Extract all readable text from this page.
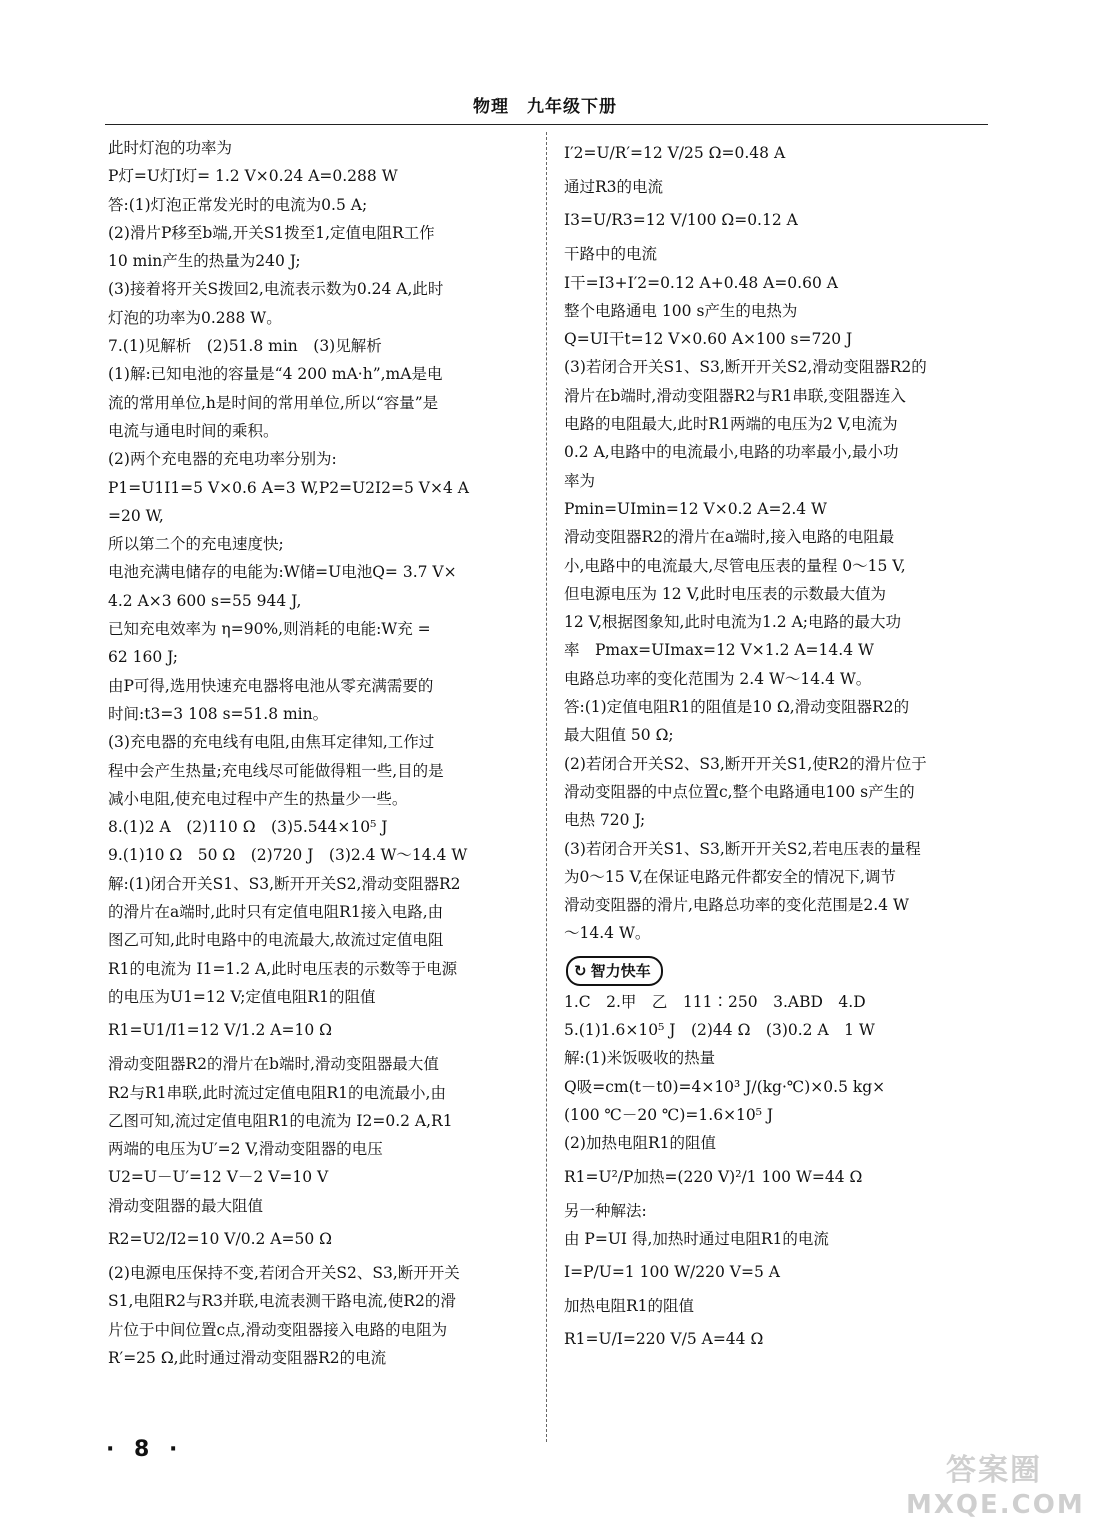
物理　九年级下册

此时灯泡的功率为

P灯=U灯I灯= 1.2 V×0.24 A=0.288 W

答:(1)灯泡正常发光时的电流为0.5 A;

(2)滑片P移至b端,开关S1拨至1,定值电阻R工作

10 min产生的热量为240 J;

(3)接着将开关S拨回2,电流表示数为0.24 A,此时

灯泡的功率为0.288 W。

7.(1)见解析　(2)51.8 min　(3)见解析

(1)解:已知电池的容量是“4 200 mA·h”,mA是电

流的常用单位,h是时间的常用单位,所以“容量”是

电流与通电时间的乘积。

(2)两个充电器的充电功率分别为:

P1=U1I1=5 V×0.6 A=3 W,P2=U2I2=5 V×4 A

=20 W,

所以第二个的充电速度快;

电池充满电储存的电能为:W储=U电池Q= 3.7 V×

4.2 A×3 600 s=55 944 J,

已知充电效率为 η=90%,则消耗的电能:W充 =

62 160 J;

由P可得,选用快速充电器将电池从零充满需要的

时间:t3=3 108 s=51.8 min。

(3)充电器的充电线有电阻,由焦耳定律知,工作过

程中会产生热量;充电线尽可能做得粗一些,目的是

减小电阻,使充电过程中产生的热量少一些。

8.(1)2 A　(2)110 Ω　(3)5.544×10⁵ J

9.(1)10 Ω　50 Ω　(2)720 J　(3)2.4 W～14.4 W

解:(1)闭合开关S1、S3,断开开关S2,滑动变阻器R2

的滑片在a端时,此时只有定值电阻R1接入电路,由

图乙可知,此时电路中的电流最大,故流过定值电阻

R1的电流为 I1=1.2 A,此时电压表的示数等于电源

的电压为U1=12 V;定值电阻R1的阻值

R1=U1/I1=12 V/1.2 A=10 Ω

滑动变阻器R2的滑片在b端时,滑动变阻器最大值

R2与R1串联,此时流过定值电阻R1的电流最小,由

乙图可知,流过定值电阻R1的电流为 I2=0.2 A,R1

两端的电压为U′=2 V,滑动变阻器的电压

U2=U－U′=12 V－2 V=10 V

滑动变阻器的最大阻值

R2=U2/I2=10 V/0.2 A=50 Ω

(2)电源电压保持不变,若闭合开关S2、S3,断开开关

S1,电阻R2与R3并联,电流表测干路电流,使R2的滑

片位于中间位置c点,滑动变阻器接入电路的电阻为

R′=25 Ω,此时通过滑动变阻器R2的电流

I′2=U/R′=12 V/25 Ω=0.48 A

通过R3的电流

I3=U/R3=12 V/100 Ω=0.12 A

干路中的电流

I干=I3+I′2=0.12 A+0.48 A=0.60 A

整个电路通电 100 s产生的电热为

Q=UI干t=12 V×0.60 A×100 s=720 J

(3)若闭合开关S1、S3,断开开关S2,滑动变阻器R2的

滑片在b端时,滑动变阻器R2与R1串联,变阻器连入

电路的电阻最大,此时R1两端的电压为2 V,电流为

0.2 A,电路中的电流最小,电路的功率最小,最小功

率为

Pmin=UImin=12 V×0.2 A=2.4 W

滑动变阻器R2的滑片在a端时,接入电路的电阻最

小,电路中的电流最大,尽管电压表的量程 0～15 V,

但电源电压为 12 V,此时电压表的示数最大值为

12 V,根据图象知,此时电流为1.2 A;电路的最大功

率　Pmax=UImax=12 V×1.2 A=14.4 W

电路总功率的变化范围为 2.4 W～14.4 W。

答:(1)定值电阻R1的阻值是10 Ω,滑动变阻器R2的

最大阻值 50 Ω;

(2)若闭合开关S2、S3,断开开关S1,使R2的滑片位于

滑动变阻器的中点位置c,整个电路通电100 s产生的

电热 720 J;

(3)若闭合开关S1、S3,断开开关S2,若电压表的量程

为0～15 V,在保证电路元件都安全的情况下,调节

滑动变阻器的滑片,电路总功率的变化范围是2.4 W

～14.4 W。

↻ 智力快车

1.C　2.甲　乙　111∶250　3.ABD　4.D

5.(1)1.6×10⁵ J　(2)44 Ω　(3)0.2 A　1 W

解:(1)米饭吸收的热量

Q吸=cm(t－t0)=4×10³ J/(kg·℃)×0.5 kg×

(100 ℃－20 ℃)=1.6×10⁵ J

(2)加热电阻R1的阻值

R1=U²/P加热=(220 V)²/1 100 W=44 Ω

另一种解法:

由 P=UI 得,加热时通过电阻R1的电流

I=P/U=1 100 W/220 V=5 A

加热电阻R1的阻值

R1=U/I=220 V/5 A=44 Ω

· 8 ·
答案圈
MXQE.COM
